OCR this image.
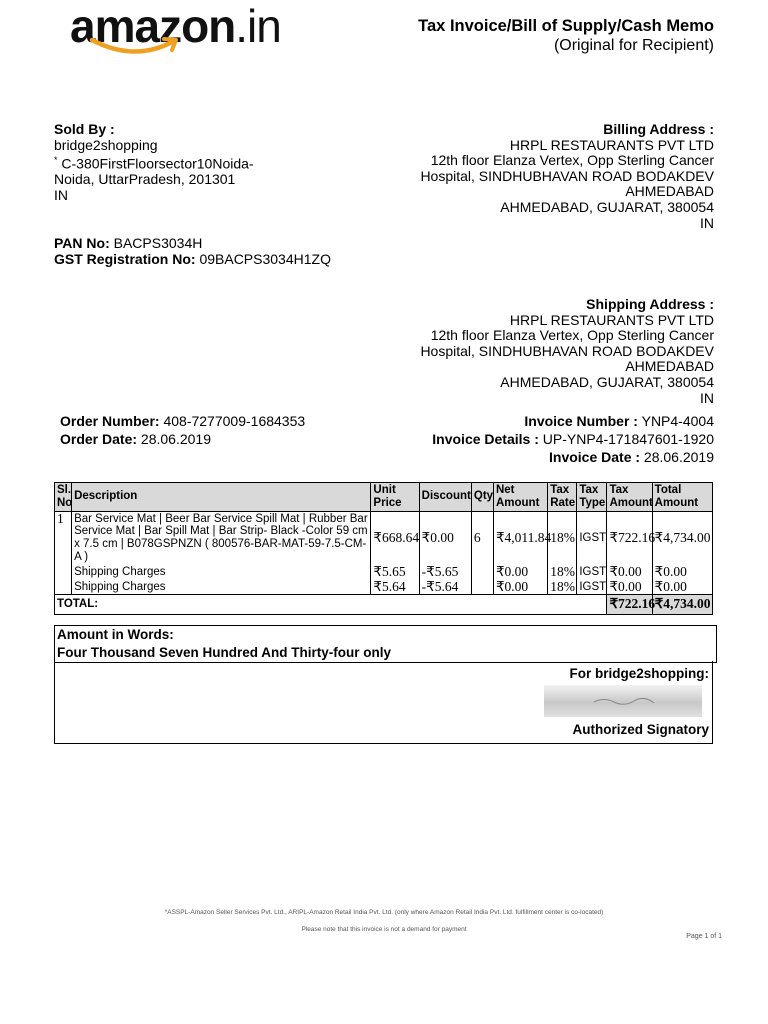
amazon.in	Tax Invoice/Bill of Supply/Cash Memo
(Original for Recipient)
Sold By :
bridge2shopping
* C-380FirstFloorsector10Noida-
Noida, UttarPradesh, 201301
IN
PAN No: BACPS3034H
GST Registration No: 09BACPS3034H1ZQ
Billing Address :
HRPL RESTAURANTS PVT LTD
12th floor Elanza Vertex, Opp Sterling Cancer
Hospital, SINDHUBHAVAN ROAD BODAKDEV
AHMEDABAD
AHMEDABAD, GUJARAT, 380054
IN
Shipping Address :
HRPL RESTAURANTS PVT LTD
12th floor Elanza Vertex, Opp Sterling Cancer
Hospital, SINDHUBHAVAN ROAD BODAKDEV
AHMEDABAD
AHMEDABAD, GUJARAT, 380054
IN
Order Number: 408-7277009-1684353
Order Date: 28.06.2019
Invoice Number : YNP4-4004
Invoice Details : UP-YNP4-171847601-1920
Invoice Date : 28.06.2019
Sl. No	Description	Unit Price	Discount	Qty	Net Amount	Tax Rate	Tax Type	Tax Amount	Total Amount
1	Bar Service Mat | Beer Bar Service Spill Mat | Rubber Bar Service Mat | Bar Spill Mat | Bar Strip- Black -Color 59 cm x 7.5 cm | B078GSPNZN ( 800576-BAR-MAT-59-7.5-CM-A )	₹668.64	₹0.00	6	₹4,011.84	18%	IGST	₹722.16	₹4,734.00
	Shipping Charges	₹5.65	-₹5.65		₹0.00	18%	IGST	₹0.00	₹0.00
	Shipping Charges	₹5.64	-₹5.64		₹0.00	18%	IGST	₹0.00	₹0.00
TOTAL:								₹722.16	₹4,734.00
Amount in Words:
Four Thousand Seven Hundred And Thirty-four only
For bridge2shopping:
Authorized Signatory
*ASSPL-Amazon Seller Services Pvt. Ltd., ARIPL-Amazon Retail India Pvt. Ltd. (only where Amazon Retail India Pvt. Ltd. fulfillment center is co-located)
Please note that this invoice is not a demand for payment
Page 1 of 1
